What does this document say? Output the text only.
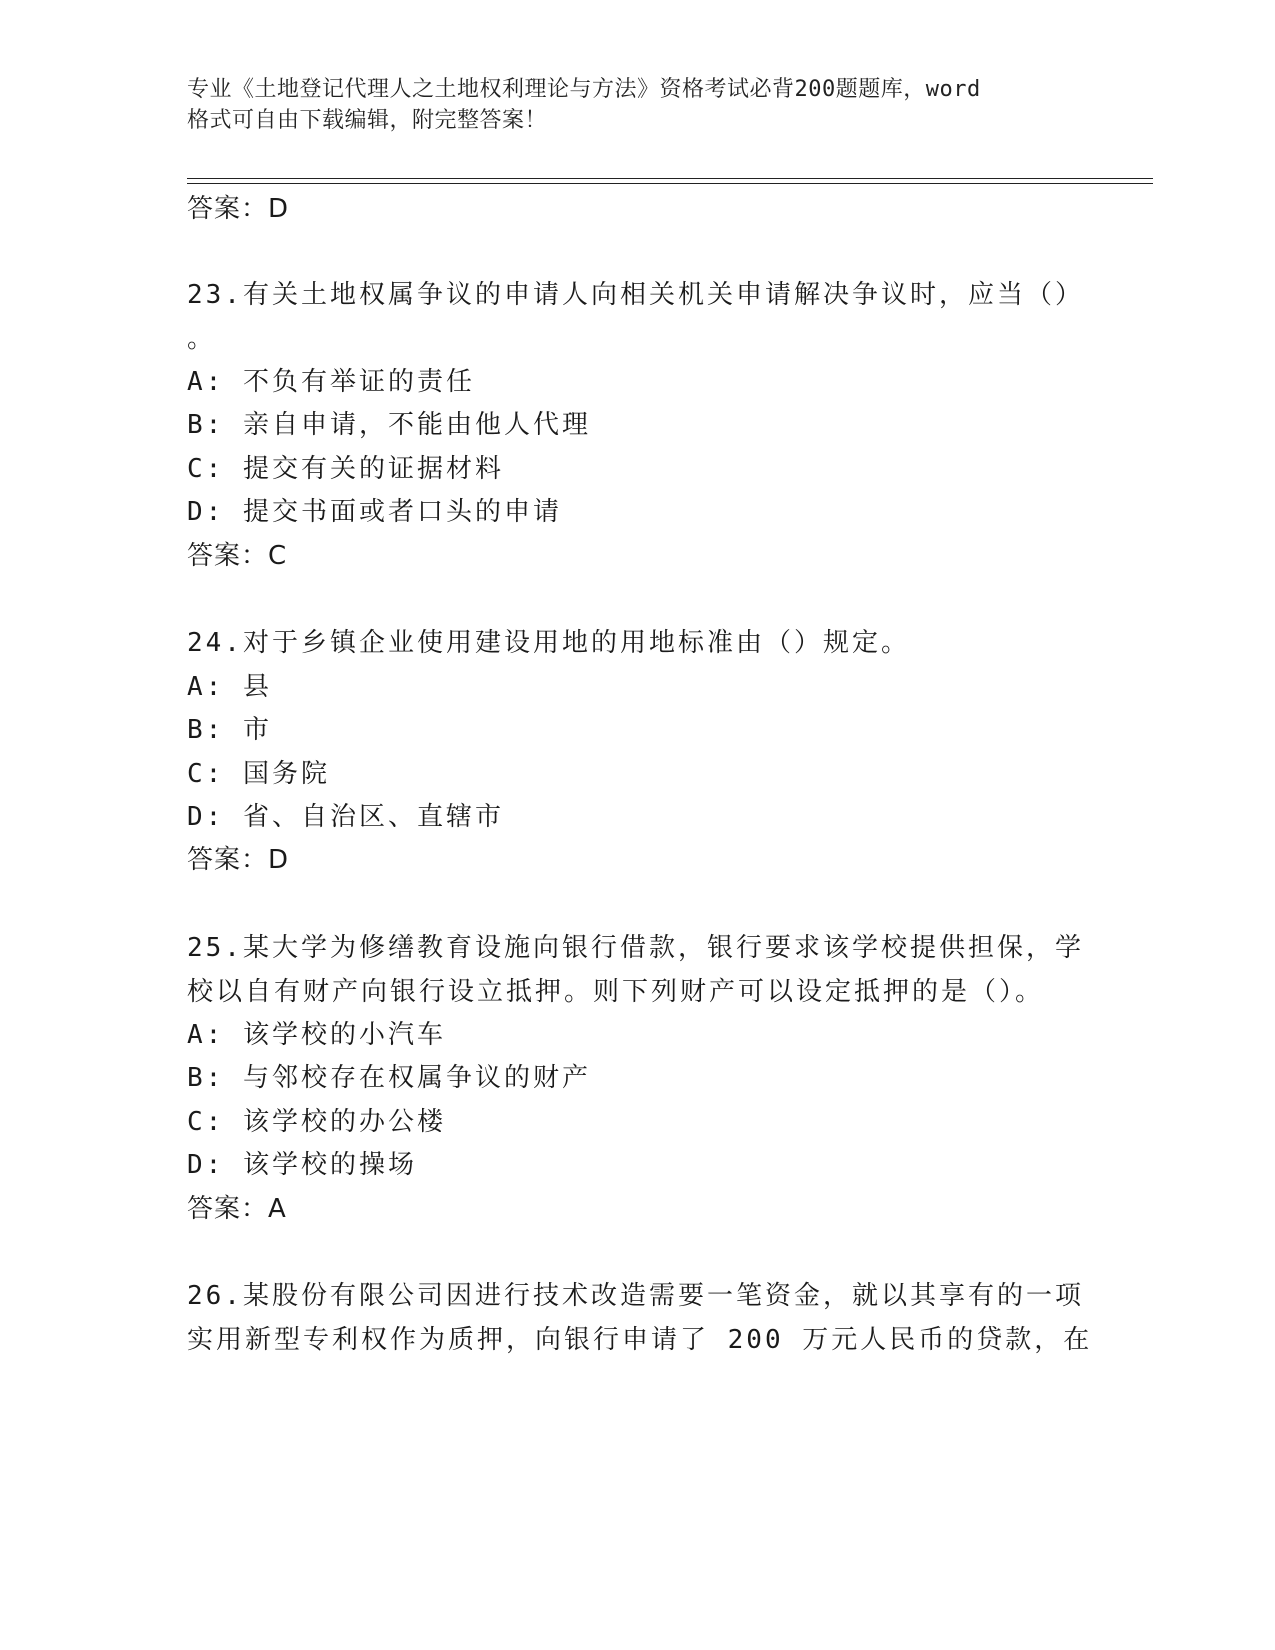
专业《土地登记代理人之土地权利理论与方法》资格考试必背200题题库，word
格式可自由下载编辑，附完整答案！
答案：D
23.有关土地权属争议的申请人向相关机关申请解决争议时，应当（）
。
A: 不负有举证的责任
B: 亲自申请，不能由他人代理
C: 提交有关的证据材料
D: 提交书面或者口头的申请
答案：C
24.对于乡镇企业使用建设用地的用地标准由（）规定。
A: 县
B: 市
C: 国务院
D: 省、自治区、直辖市
答案：D
25.某大学为修缮教育设施向银行借款，银行要求该学校提供担保，学
校以自有财产向银行设立抵押。则下列财产可以设定抵押的是（）。
A: 该学校的小汽车
B: 与邻校存在权属争议的财产
C: 该学校的办公楼
D: 该学校的操场
答案：A
26.某股份有限公司因进行技术改造需要一笔资金，就以其享有的一项
实用新型专利权作为质押，向银行申请了 200 万元人民币的贷款，在
